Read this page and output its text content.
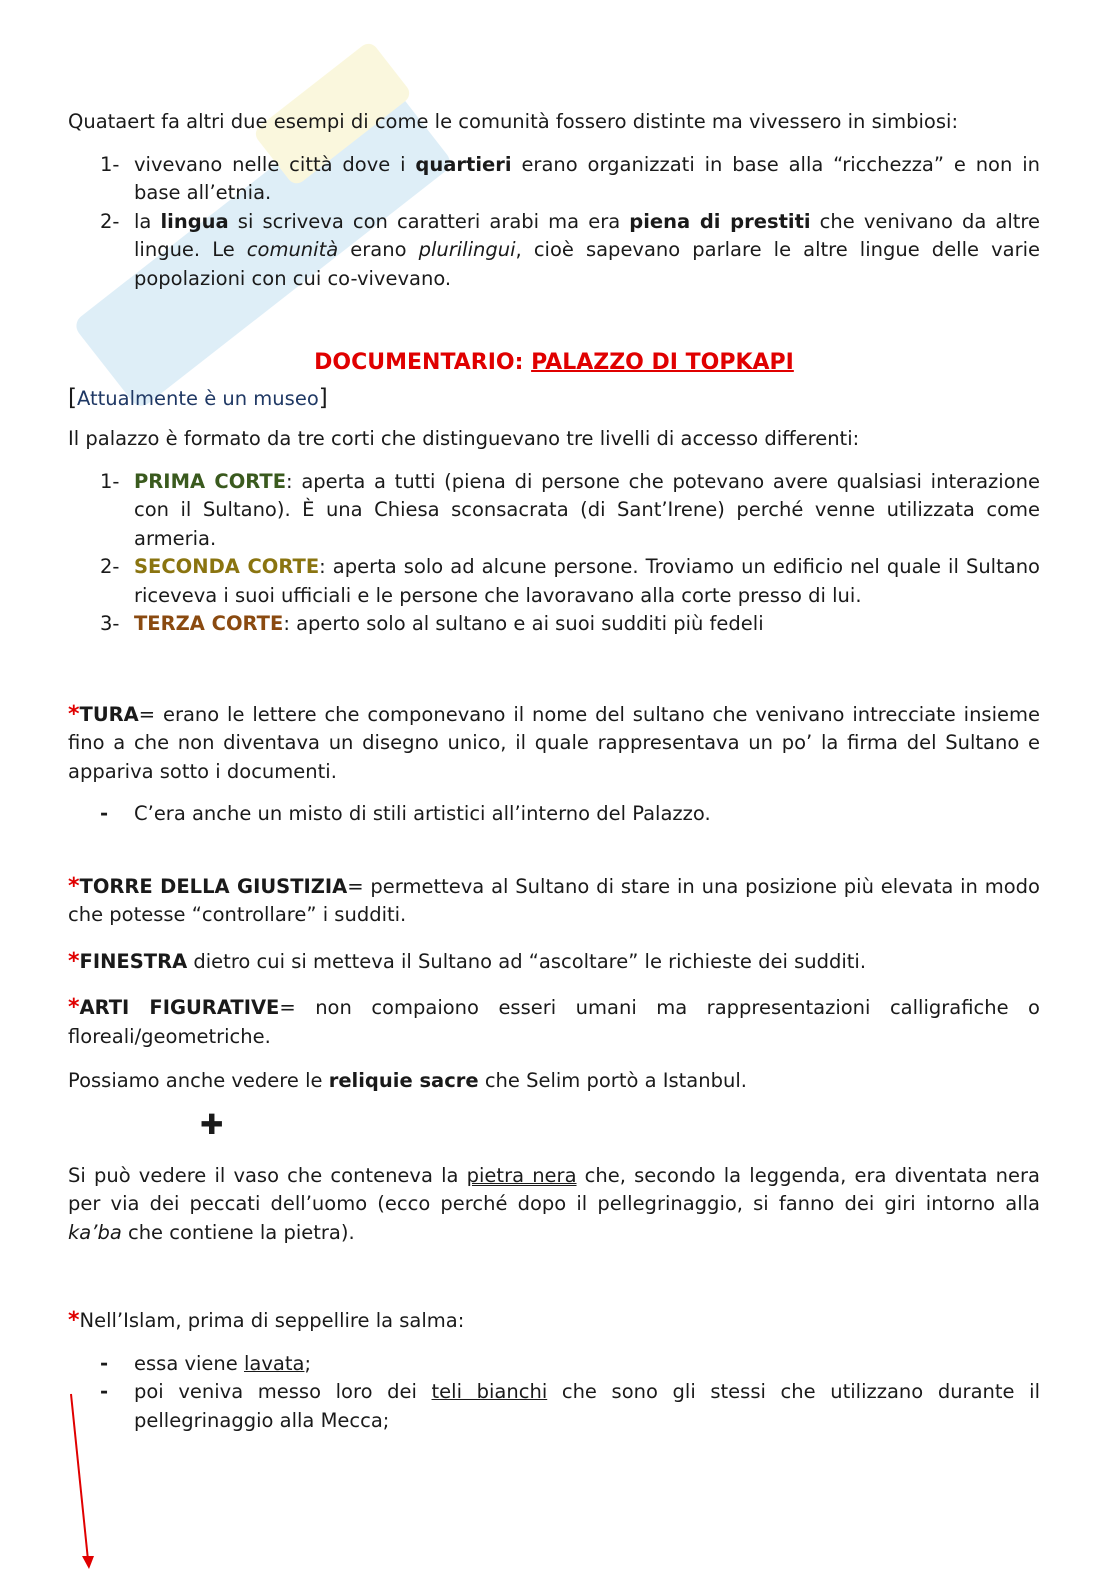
Quataert fa altri due esempi di come le comunità fossero distinte ma vivessero in simbiosi:

1- vivevano nelle città dove i quartieri erano organizzati in base alla “ricchezza” e non in base all’etnia.
2- la lingua si scriveva con caratteri arabi ma era piena di prestiti che venivano da altre lingue. Le comunità erano plurilingui, cioè sapevano parlare le altre lingue delle varie popolazioni con cui co-vivevano.

DOCUMENTARIO: PALAZZO DI TOPKAPI

[Attualmente è un museo]

Il palazzo è formato da tre corti che distinguevano tre livelli di accesso differenti:

1- PRIMA CORTE: aperta a tutti (piena di persone che potevano avere qualsiasi interazione con il Sultano). È una Chiesa sconsacrata (di Sant’Irene) perché venne utilizzata come armeria.
2- SECONDA CORTE: aperta solo ad alcune persone. Troviamo un edificio nel quale il Sultano riceveva i suoi ufficiali e le persone che lavoravano alla corte presso di lui.
3- TERZA CORTE: aperto solo al sultano e ai suoi sudditi più fedeli

*TURA= erano le lettere che componevano il nome del sultano che venivano intrecciate insieme fino a che non diventava un disegno unico, il quale rappresentava un po’ la firma del Sultano e appariva sotto i documenti.

- C’era anche un misto di stili artistici all’interno del Palazzo.

*TORRE DELLA GIUSTIZIA= permetteva al Sultano di stare in una posizione più elevata in modo che potesse “controllare” i sudditi.

*FINESTRA dietro cui si metteva il Sultano ad “ascoltare” le richieste dei sudditi.

*ARTI FIGURATIVE= non compaiono esseri umani ma rappresentazioni calligrafiche o floreali/geometriche.

Possiamo anche vedere le reliquie sacre che Selim portò a Istanbul.

✚

Si può vedere il vaso che conteneva la pietra nera che, secondo la leggenda, era diventata nera per via dei peccati dell’uomo (ecco perché dopo il pellegrinaggio, si fanno dei giri intorno alla ka’ba che contiene la pietra).

*Nell’Islam, prima di seppellire la salma:

- essa viene lavata;
- poi veniva messo loro dei teli bianchi che sono gli stessi che utilizzano durante il pellegrinaggio alla Mecca;
